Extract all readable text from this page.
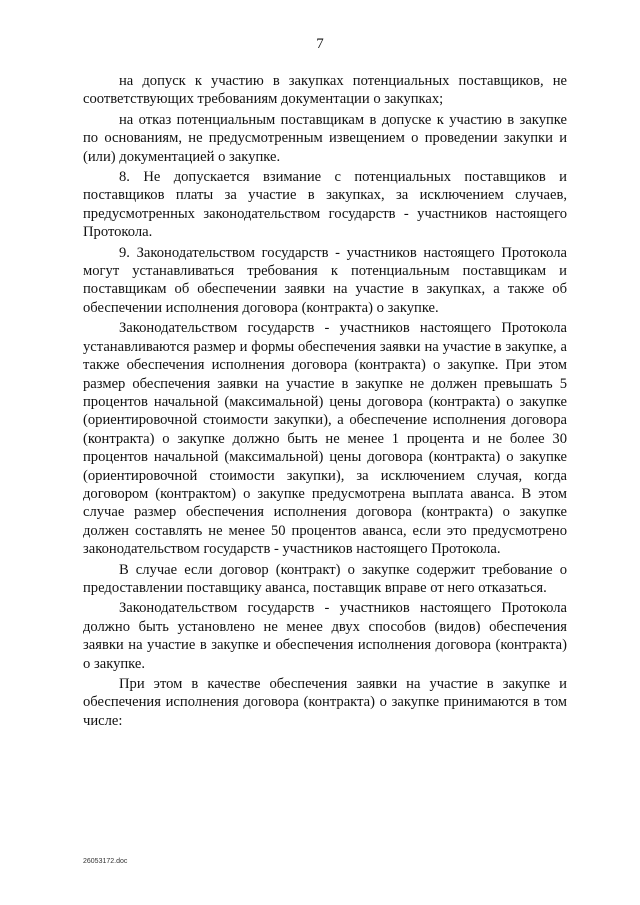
7

на допуск к участию в закупках потенциальных поставщиков, не соответствующих требованиям документации о закупках;

на отказ потенциальным поставщикам в допуске к участию в закупке по основаниям, не предусмотренным извещением о проведении закупки и (или) документацией о закупке.

8. Не допускается взимание с потенциальных поставщиков и поставщиков платы за участие в закупках, за исключением случаев, предусмотренных законодательством государств - участников настоящего Протокола.

9. Законодательством государств - участников настоящего Протокола могут устанавливаться требования к потенциальным поставщикам и поставщикам об обеспечении заявки на участие в закупках, а также об обеспечении исполнения договора (контракта) о закупке.

Законодательством государств - участников настоящего Протокола устанавливаются размер и формы обеспечения заявки на участие в закупке, а также обеспечения исполнения договора (контракта) о закупке. При этом размер обеспечения заявки на участие в закупке не должен превышать 5 процентов начальной (максимальной) цены договора (контракта) о закупке (ориентировочной стоимости закупки), а обеспечение исполнения договора (контракта) о закупке должно быть не менее 1 процента и не более 30 процентов начальной (максимальной) цены договора (контракта) о закупке (ориентировочной стоимости закупки), за исключением случая, когда договором (контрактом) о закупке предусмотрена выплата аванса. В этом случае размер обеспечения исполнения договора (контракта) о закупке должен составлять не менее 50 процентов аванса, если это предусмотрено законодательством государств - участников настоящего Протокола.

В случае если договор (контракт) о закупке содержит требование о предоставлении поставщику аванса, поставщик вправе от него отказаться.

Законодательством государств - участников настоящего Протокола должно быть установлено не менее двух способов (видов) обеспечения заявки на участие в закупке и обеспечения исполнения договора (контракта) о закупке.

При этом в качестве обеспечения заявки на участие в закупке и обеспечения исполнения договора (контракта) о закупке принимаются в том числе:

26053172.doc
